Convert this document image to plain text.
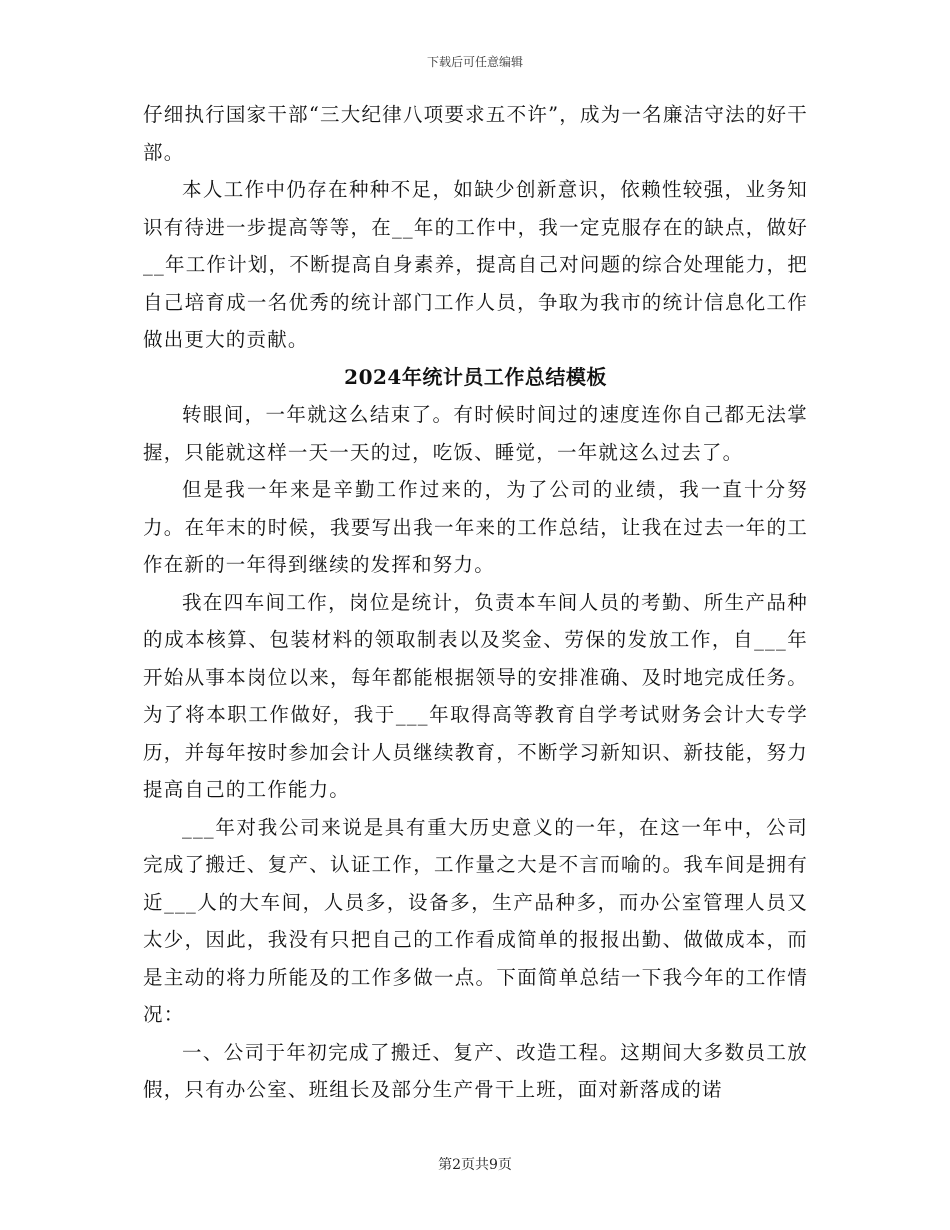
下载后可任意编辑

仔细执行国家干部“三大纪律八项要求五不许”，成为一名廉洁守法的好干部。

本人工作中仍存在种种不足，如缺少创新意识，依赖性较强，业务知识有待进一步提高等等，在__年的工作中，我一定克服存在的缺点，做好__年工作计划，不断提高自身素养，提高自己对问题的综合处理能力，把自己培育成一名优秀的统计部门工作人员，争取为我市的统计信息化工作做出更大的贡献。

2024年统计员工作总结模板

转眼间，一年就这么结束了。有时候时间过的速度连你自己都无法掌握，只能就这样一天一天的过，吃饭、睡觉，一年就这么过去了。

但是我一年来是辛勤工作过来的，为了公司的业绩，我一直十分努力。在年末的时候，我要写出我一年来的工作总结，让我在过去一年的工作在新的一年得到继续的发挥和努力。

我在四车间工作，岗位是统计，负责本车间人员的考勤、所生产品种的成本核算、包装材料的领取制表以及奖金、劳保的发放工作，自___年开始从事本岗位以来，每年都能根据领导的安排准确、及时地完成任务。为了将本职工作做好，我于___年取得高等教育自学考试财务会计大专学历，并每年按时参加会计人员继续教育，不断学习新知识、新技能，努力提高自己的工作能力。

___年对我公司来说是具有重大历史意义的一年，在这一年中，公司完成了搬迁、复产、认证工作，工作量之大是不言而喻的。我车间是拥有近___人的大车间，人员多，设备多，生产品种多，而办公室管理人员又太少，因此，我没有只把自己的工作看成简单的报报出勤、做做成本，而是主动的将力所能及的工作多做一点。下面简单总结一下我今年的工作情况：

一、公司于年初完成了搬迁、复产、改造工程。这期间大多数员工放假，只有办公室、班组长及部分生产骨干上班，面对新落成的诺

第2页共9页
